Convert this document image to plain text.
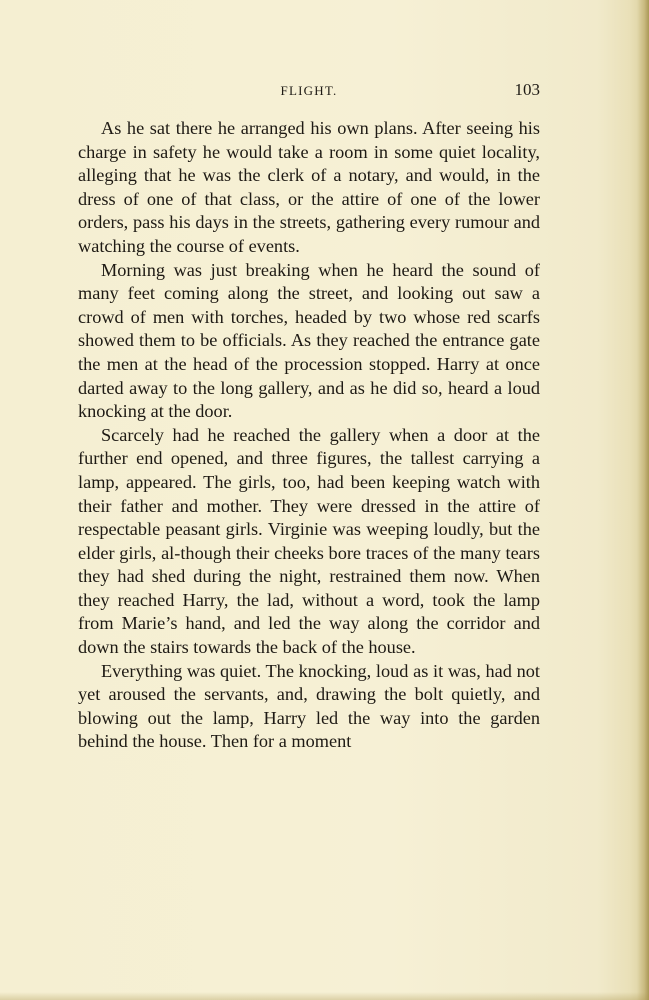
FLIGHT.	103

As he sat there he arranged his own plans. After seeing his charge in safety he would take a room in some quiet locality, alleging that he was the clerk of a notary, and would, in the dress of one of that class, or the attire of one of the lower orders, pass his days in the streets, gathering every rumour and watching the course of events.

Morning was just breaking when he heard the sound of many feet coming along the street, and looking out saw a crowd of men with torches, headed by two whose red scarfs showed them to be officials. As they reached the entrance gate the men at the head of the procession stopped. Harry at once darted away to the long gallery, and as he did so, heard a loud knocking at the door.

Scarcely had he reached the gallery when a door at the further end opened, and three figures, the tallest carrying a lamp, appeared. The girls, too, had been keeping watch with their father and mother. They were dressed in the attire of respectable peasant girls. Virginie was weeping loudly, but the elder girls, al-though their cheeks bore traces of the many tears they had shed during the night, restrained them now. When they reached Harry, the lad, without a word, took the lamp from Marie’s hand, and led the way along the corridor and down the stairs towards the back of the house.

Everything was quiet. The knocking, loud as it was, had not yet aroused the servants, and, drawing the bolt quietly, and blowing out the lamp, Harry led the way into the garden behind the house. Then for a moment
